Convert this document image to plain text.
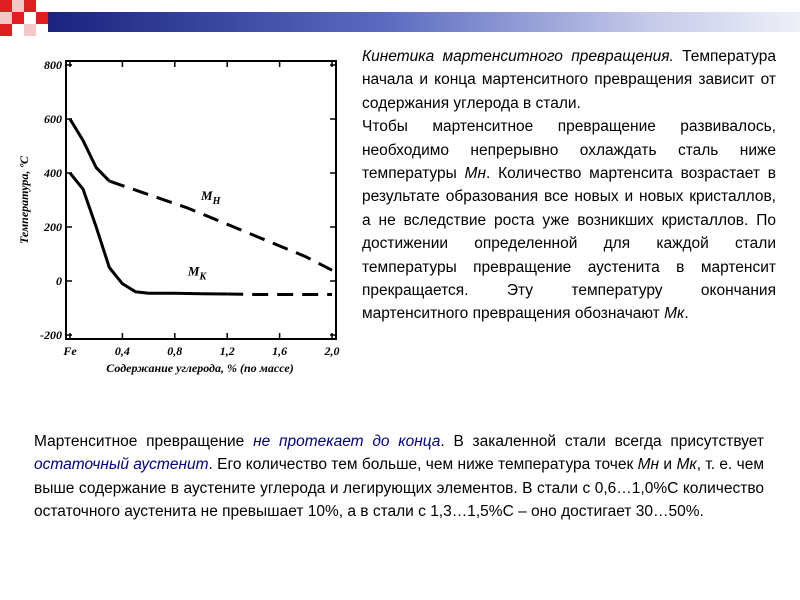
800
600
400
200
0
-200
Fe	0,4	0,8	1,2	1,6	2,0
$M_Н$
$M_К$
Температура, ºС
Содержание углерода, % (по массе)

Кинетика мартенситного превращения. Температура начала и конца мартенситного превращения зависит от содержания углерода в стали.
Чтобы мартенситное превращение развивалось, необходимо непрерывно охлаждать сталь ниже температуры Мн. Количество мартенсита возрастает в результате образования все новых и новых кристаллов, а не вследствие роста уже возникших кристаллов. По достижении определенной для каждой стали температуры превращение аустенита в мартенсит прекращается. Эту температуру окончания мартенситного превращения обозначают Мк.

Мартенситное превращение не протекает до конца. В закаленной стали всегда присутствует остаточный аустенит. Его количество тем больше, чем ниже температура точек Мн и Мк, т. е. чем выше содержание в аустените углерода и легирующих элементов. В стали с 0,6…1,0%С количество остаточного аустенита не превышает 10%, а в стали с 1,3…1,5%С – оно достигает 30…50%.
